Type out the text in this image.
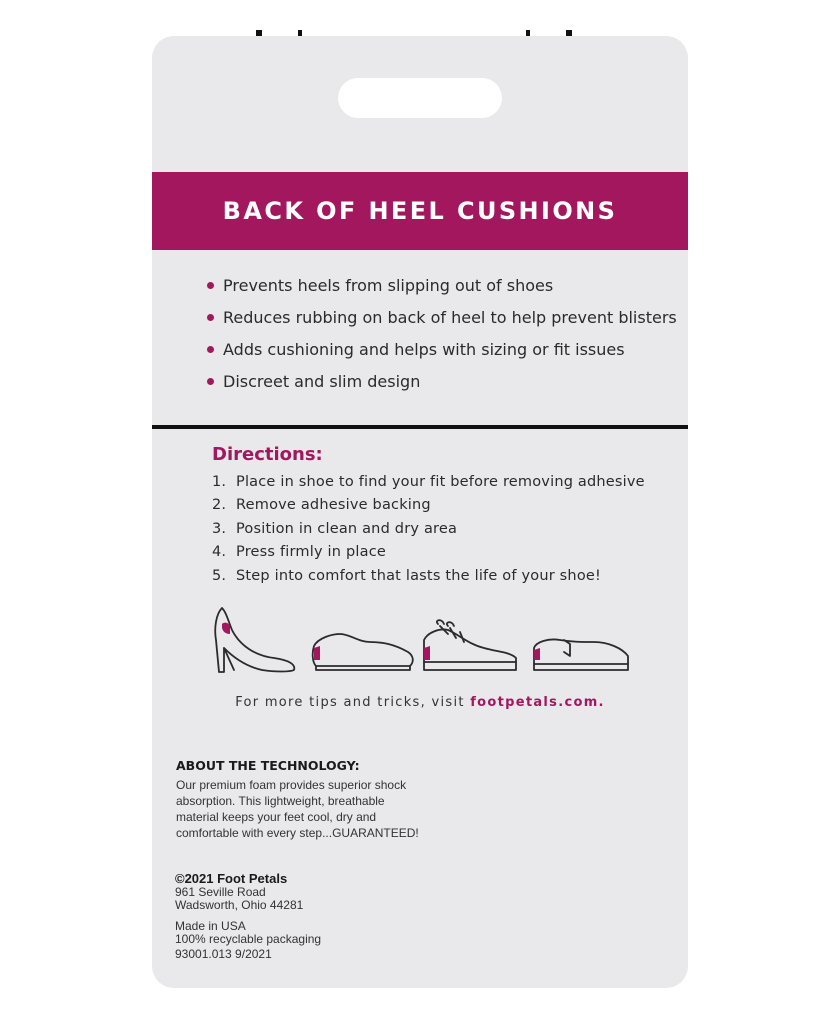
BACK OF HEEL CUSHIONS
Prevents heels from slipping out of shoes
Reduces rubbing on back of heel to help prevent blisters
Adds cushioning and helps with sizing or fit issues
Discreet and slim design
Directions:
1. Place in shoe to find your fit before removing adhesive
2. Remove adhesive backing
3. Position in clean and dry area
4. Press firmly in place
5. Step into comfort that lasts the life of your shoe!
For more tips and tricks, visit footpetals.com.
ABOUT THE TECHNOLOGY:
Our premium foam provides superior shock
absorption. This lightweight, breathable
material keeps your feet cool, dry and
comfortable with every step...GUARANTEED!
©2021 Foot Petals
961 Seville Road
Wadsworth, Ohio 44281
Made in USA
100% recyclable packaging
93001.013 9/2021
